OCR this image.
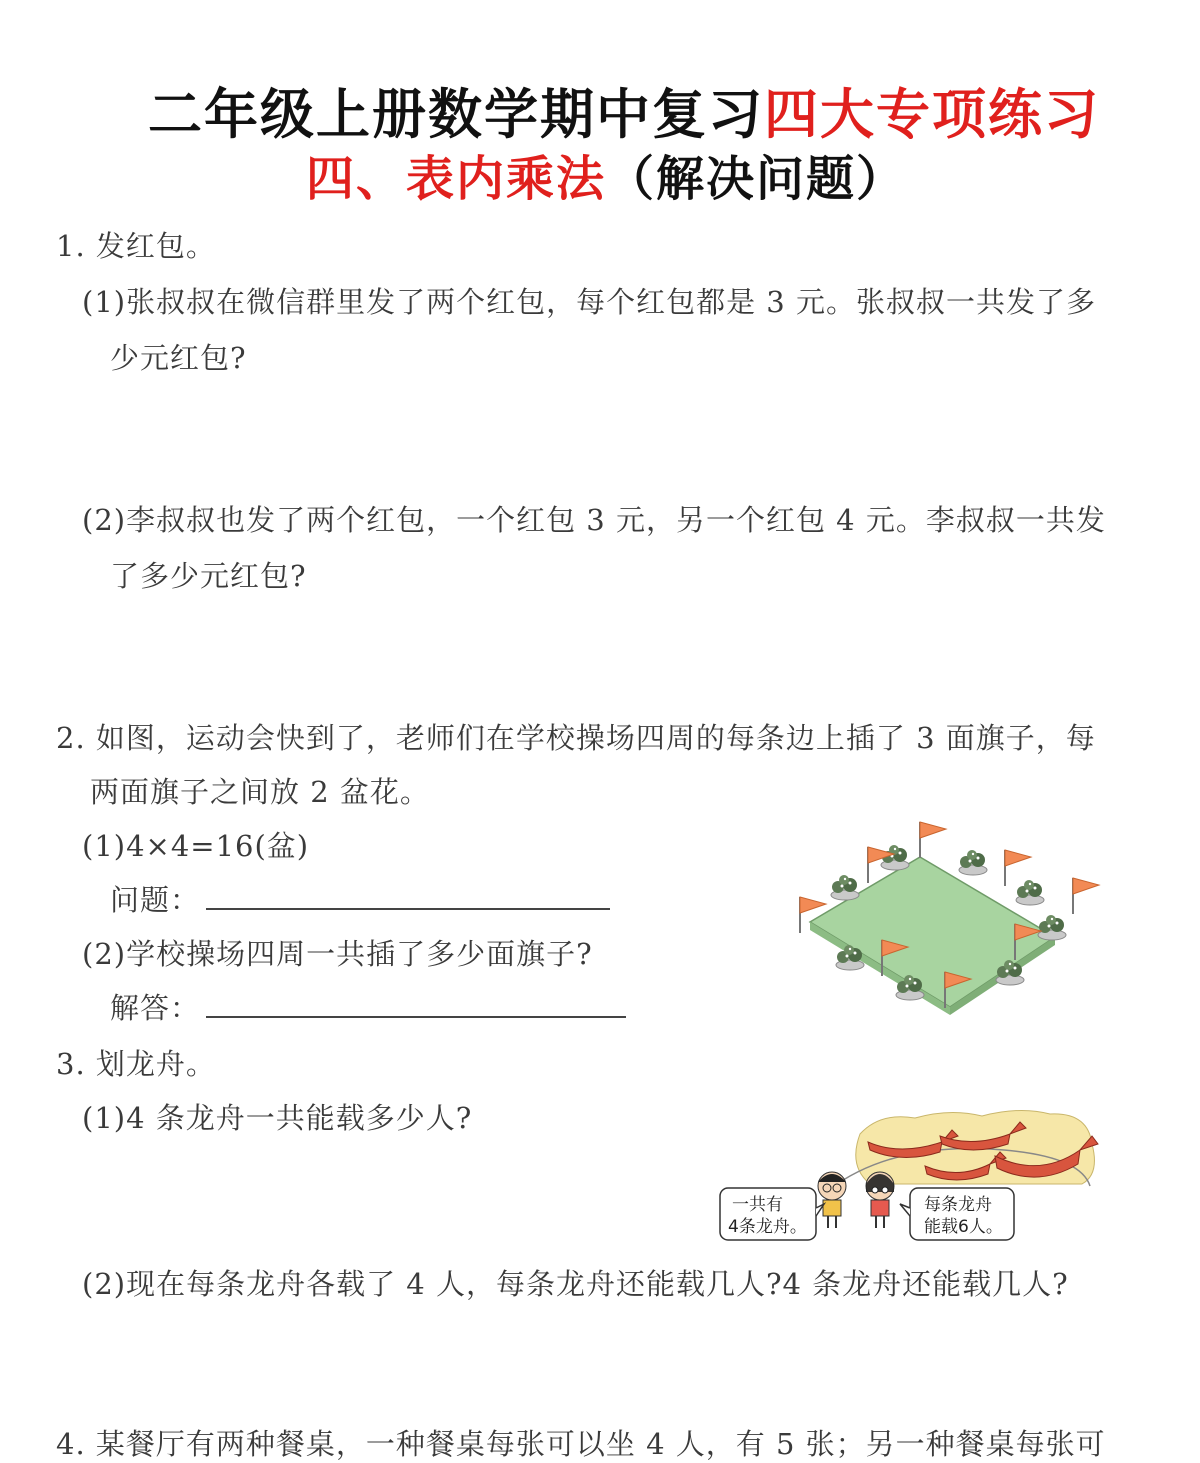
二年级上册数学期中复习四大专项练习
四、表内乘法（解决问题）
1. 发红包。
(1)张叔叔在微信群里发了两个红包，每个红包都是 3 元。张叔叔一共发了多
少元红包?
(2)李叔叔也发了两个红包，一个红包 3 元，另一个红包 4 元。李叔叔一共发
了多少元红包?
2. 如图，运动会快到了，老师们在学校操场四周的每条边上插了 3 面旗子，每
两面旗子之间放 2 盆花。
(1)4×4=16(盆)
问题：
(2)学校操场四周一共插了多少面旗子?
解答：
3. 划龙舟。
(1)4 条龙舟一共能载多少人?
一共有
4条龙舟。
每条龙舟
能载6人。
(2)现在每条龙舟各载了 4 人，每条龙舟还能载几人?4 条龙舟还能载几人?
4. 某餐厅有两种餐桌，一种餐桌每张可以坐 4 人，有 5 张；另一种餐桌每张可
